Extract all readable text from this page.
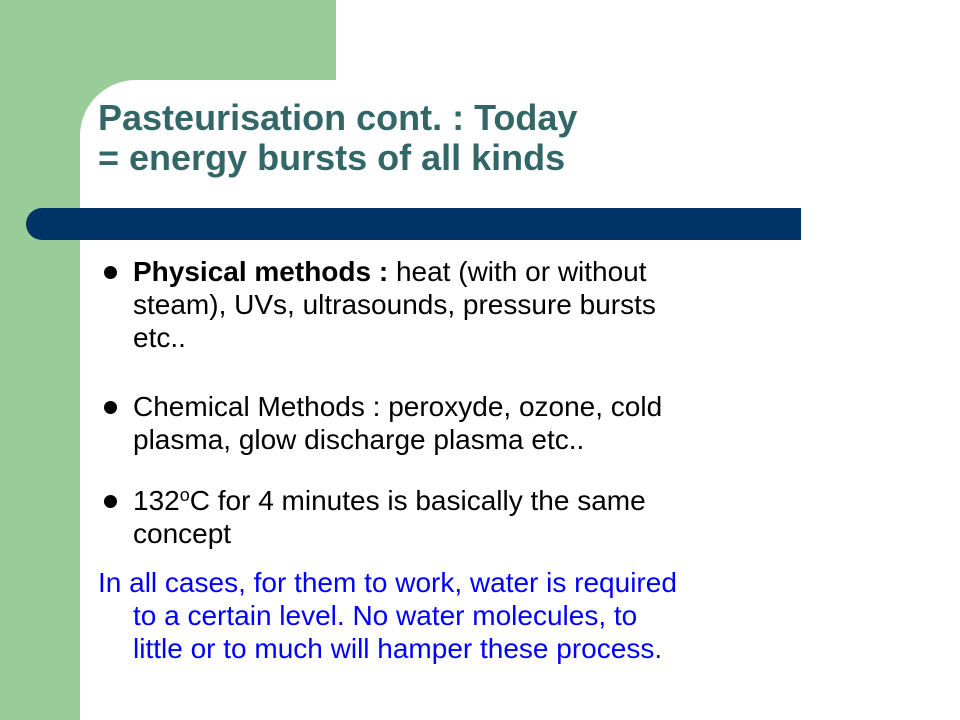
Pasteurisation cont. : Today
= energy bursts of all kinds
Physical methods : heat (with or without
steam), UVs, ultrasounds, pressure bursts
etc..
Chemical Methods : peroxyde, ozone, cold
plasma, glow discharge plasma etc..
132$^o$C for 4 minutes is basically the same
concept

In all cases, for them to work, water is required
to a certain level. No water molecules, to
little or to much will hamper these process.
